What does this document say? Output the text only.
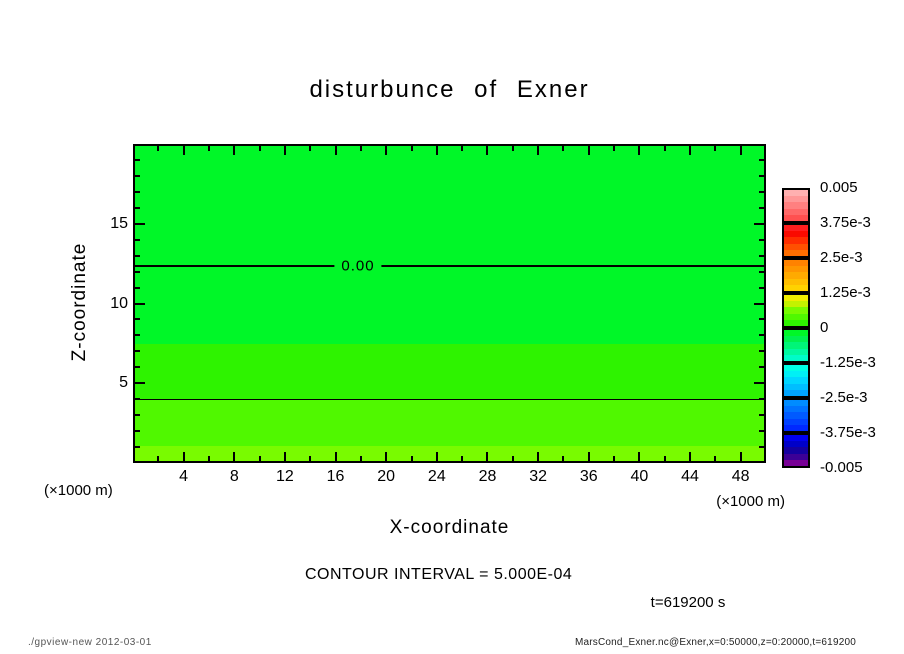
disturbunce of Exner
0.00
Z-coordinate
X-coordinate
(×1000 m)
(×1000 m)
CONTOUR INTERVAL = 5.000E-04
t=619200 s
./gpview-new 2012-03-01	MarsCond_Exner.nc@Exner,x=0:50000,z=0:20000,t=619200
4	8	12	16	20	24	28	32	36	40	44	48
5
10
15
0.005
3.75e-3
2.5e-3
1.25e-3
0
-1.25e-3
-2.5e-3
-3.75e-3
-0.005
